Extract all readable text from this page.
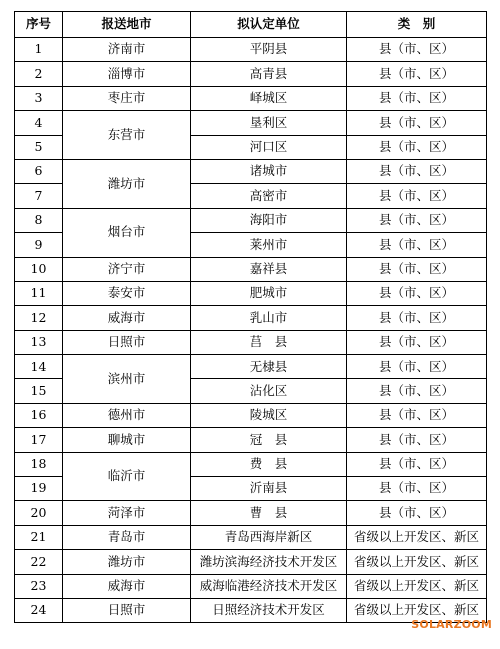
序号	报送地市	拟认定单位	类　别
1	济南市	平阴县	县（市、区）
2	淄博市	高青县	县（市、区）
3	枣庄市	峄城区	县（市、区）
4	东营市	垦利区	县（市、区）
5		河口区	县（市、区）
6	潍坊市	诸城市	县（市、区）
7		高密市	县（市、区）
8	烟台市	海阳市	县（市、区）
9		莱州市	县（市、区）
10	济宁市	嘉祥县	县（市、区）
11	泰安市	肥城市	县（市、区）
12	威海市	乳山市	县（市、区）
13	日照市	莒　县	县（市、区）
14	滨州市	无棣县	县（市、区）
15		沾化区	县（市、区）
16	德州市	陵城区	县（市、区）
17	聊城市	冠　县	县（市、区）
18	临沂市	费　县	县（市、区）
19		沂南县	县（市、区）
20	菏泽市	曹　县	县（市、区）
21	青岛市	青岛西海岸新区	省级以上开发区、新区
22	潍坊市	潍坊滨海经济技术开发区	省级以上开发区、新区
23	威海市	威海临港经济技术开发区	省级以上开发区、新区
24	日照市	日照经济技术开发区	省级以上开发区、新区
SOLARZOOM
